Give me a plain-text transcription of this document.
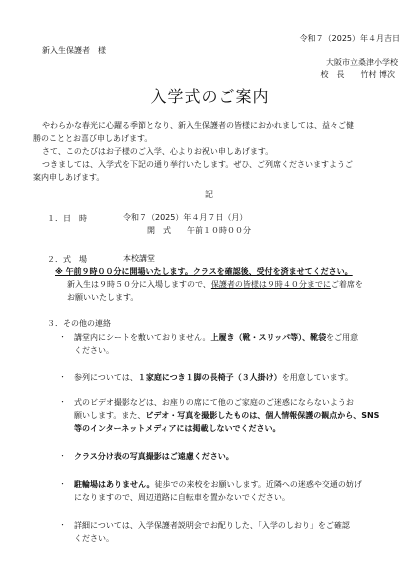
令和７（2025）年４月吉日
新入生保護者　様
大阪市立桑津小学校
校　長　　竹村 博次
入学式のご案内
やわらかな春光に心躍る季節となり、新入生保護者の皆様におかれましては、益々ご健
勝のこととお喜び申しあげます。
さて、このたびはお子様のご入学、心よりお祝い申しあげます。
つきましては、入学式を下記の通り挙行いたします。ぜひ、ご列席くださいますようご
案内申しあげます。
記
１．日　時	令和７（2025）年４月７日（月）
開　式　　午前１０時００分
２．式　場	本校講堂
※ 午前９時００分に開場いたします。クラスを確認後、受付を済ませてください。
新入生は９時５０分に入場しますので、保護者の皆様は９時４０分までにご着席を
お願いいたします。
３．その他の連絡
・ 講堂内にシートを敷いておりません。上履き（靴・スリッパ等）、靴袋をご用意
ください。
・ 参列については、１家庭につき１脚の長椅子（３人掛け）を用意しています。
・ 式のビデオ撮影などは、お座りの席にて他のご家庭のご迷惑にならないようお
願いします。また、ビデオ・写真を撮影したものは、個人情報保護の観点から、SNS
等のインターネットメディアには掲載しないでください。
・ クラス分け表の写真撮影はご遠慮ください。
・ 駐輪場はありません。徒歩での来校をお願いします。近隣への迷惑や交通の妨げ
になりますので、周辺道路に自転車を置かないでください。
・ 詳細については、入学保護者説明会でお配りした、「入学のしおり」をご確認
ください。
